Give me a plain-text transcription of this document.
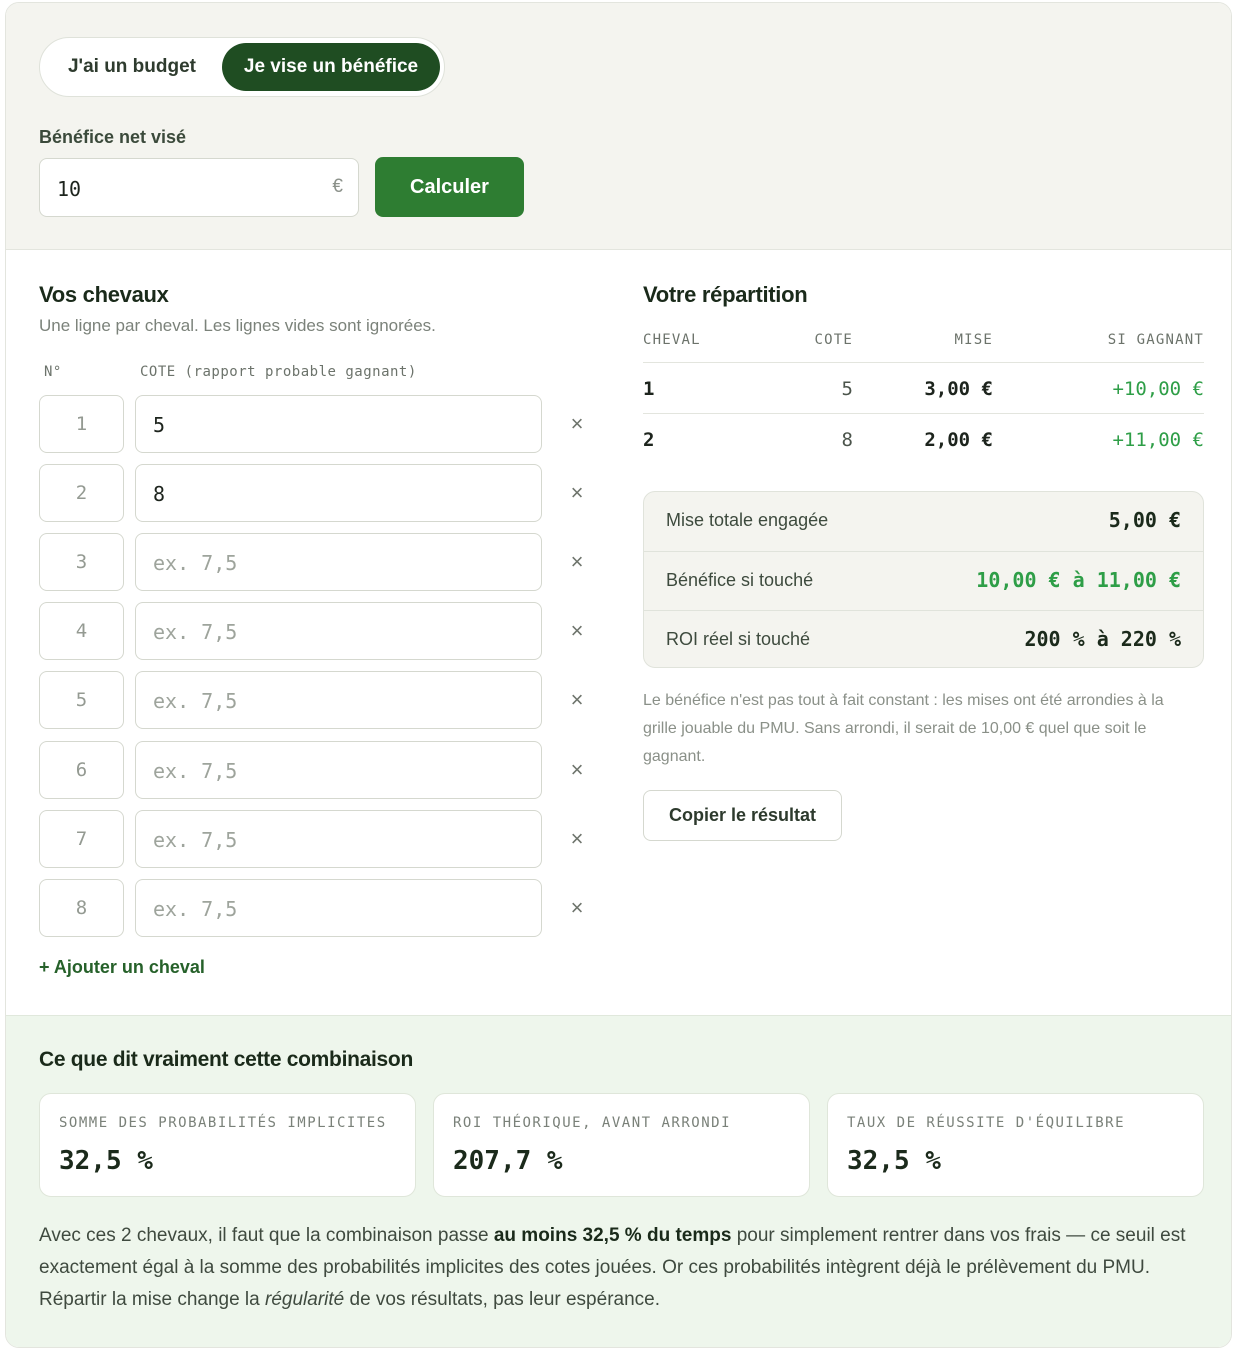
J'ai un budget	Je vise un bénéfice
Bénéfice net visé
10	€	Calculer
Vos chevaux
Une ligne par cheval. Les lignes vides sont ignorées.
N°	COTE (rapport probable gagnant)
1	5	×
2	8	×
3	ex. 7,5	×
4	ex. 7,5	×
5	ex. 7,5	×
6	ex. 7,5	×
7	ex. 7,5	×
8	ex. 7,5	×
+ Ajouter un cheval
Votre répartition
CHEVAL	COTE	MISE	SI GAGNANT
1	5	3,00 €	+10,00 €
2	8	2,00 €	+11,00 €
Mise totale engagée	5,00 €
Bénéfice si touché	10,00 € à 11,00 €
ROI réel si touché	200 % à 220 %
Le bénéfice n'est pas tout à fait constant : les mises ont été arrondies à la grille jouable du PMU. Sans arrondi, il serait de 10,00 € quel que soit le gagnant.
Copier le résultat
Ce que dit vraiment cette combinaison
SOMME DES PROBABILITÉS IMPLICITES
32,5 %
ROI THÉORIQUE, AVANT ARRONDI
207,7 %
TAUX DE RÉUSSITE D'ÉQUILIBRE
32,5 %
Avec ces 2 chevaux, il faut que la combinaison passe au moins 32,5 % du temps pour simplement rentrer dans vos frais — ce seuil est exactement égal à la somme des probabilités implicites des cotes jouées. Or ces probabilités intègrent déjà le prélèvement du PMU. Répartir la mise change la régularité de vos résultats, pas leur espérance.
